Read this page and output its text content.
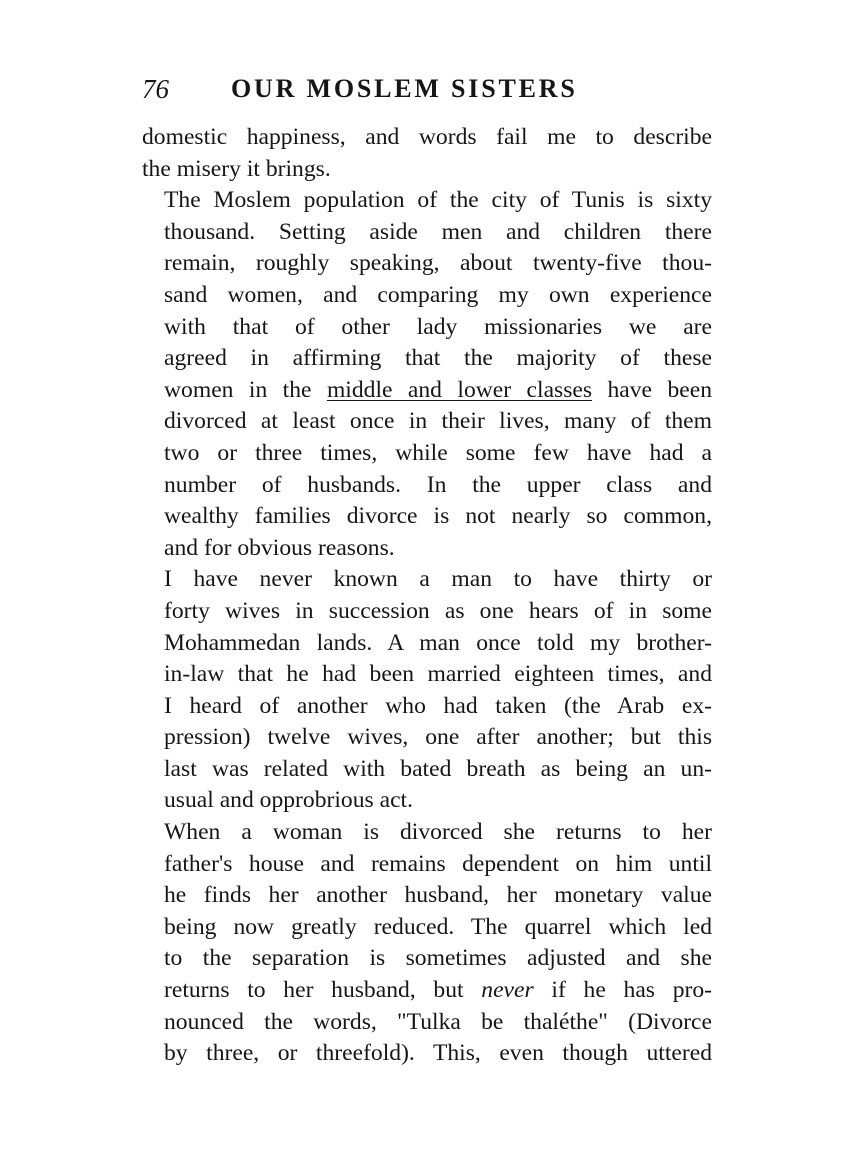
76 OUR MOSLEM SISTERS
domestic happiness, and words fail me to describe
the misery it brings.
The Moslem population of the city of Tunis is sixty
thousand. Setting aside men and children there
remain, roughly speaking, about twenty-five thou-
sand women, and comparing my own experience
with that of other lady missionaries we are
agreed in affirming that the majority of these
women in the middle and lower classes have been
divorced at least once in their lives, many of them
two or three times, while some few have had a
number of husbands. In the upper class and
wealthy families divorce is not nearly so common,
and for obvious reasons.
I have never known a man to have thirty or
forty wives in succession as one hears of in some
Mohammedan lands. A man once told my brother-
in-law that he had been married eighteen times, and
I heard of another who had taken (the Arab ex-
pression) twelve wives, one after another; but this
last was related with bated breath as being an un-
usual and opprobrious act.
When a woman is divorced she returns to her
father's house and remains dependent on him until
he finds her another husband, her monetary value
being now greatly reduced. The quarrel which led
to the separation is sometimes adjusted and she
returns to her husband, but never if he has pro-
nounced the words, "Tulka be thaléthe" (Divorce
by three, or threefold). This, even though uttered
